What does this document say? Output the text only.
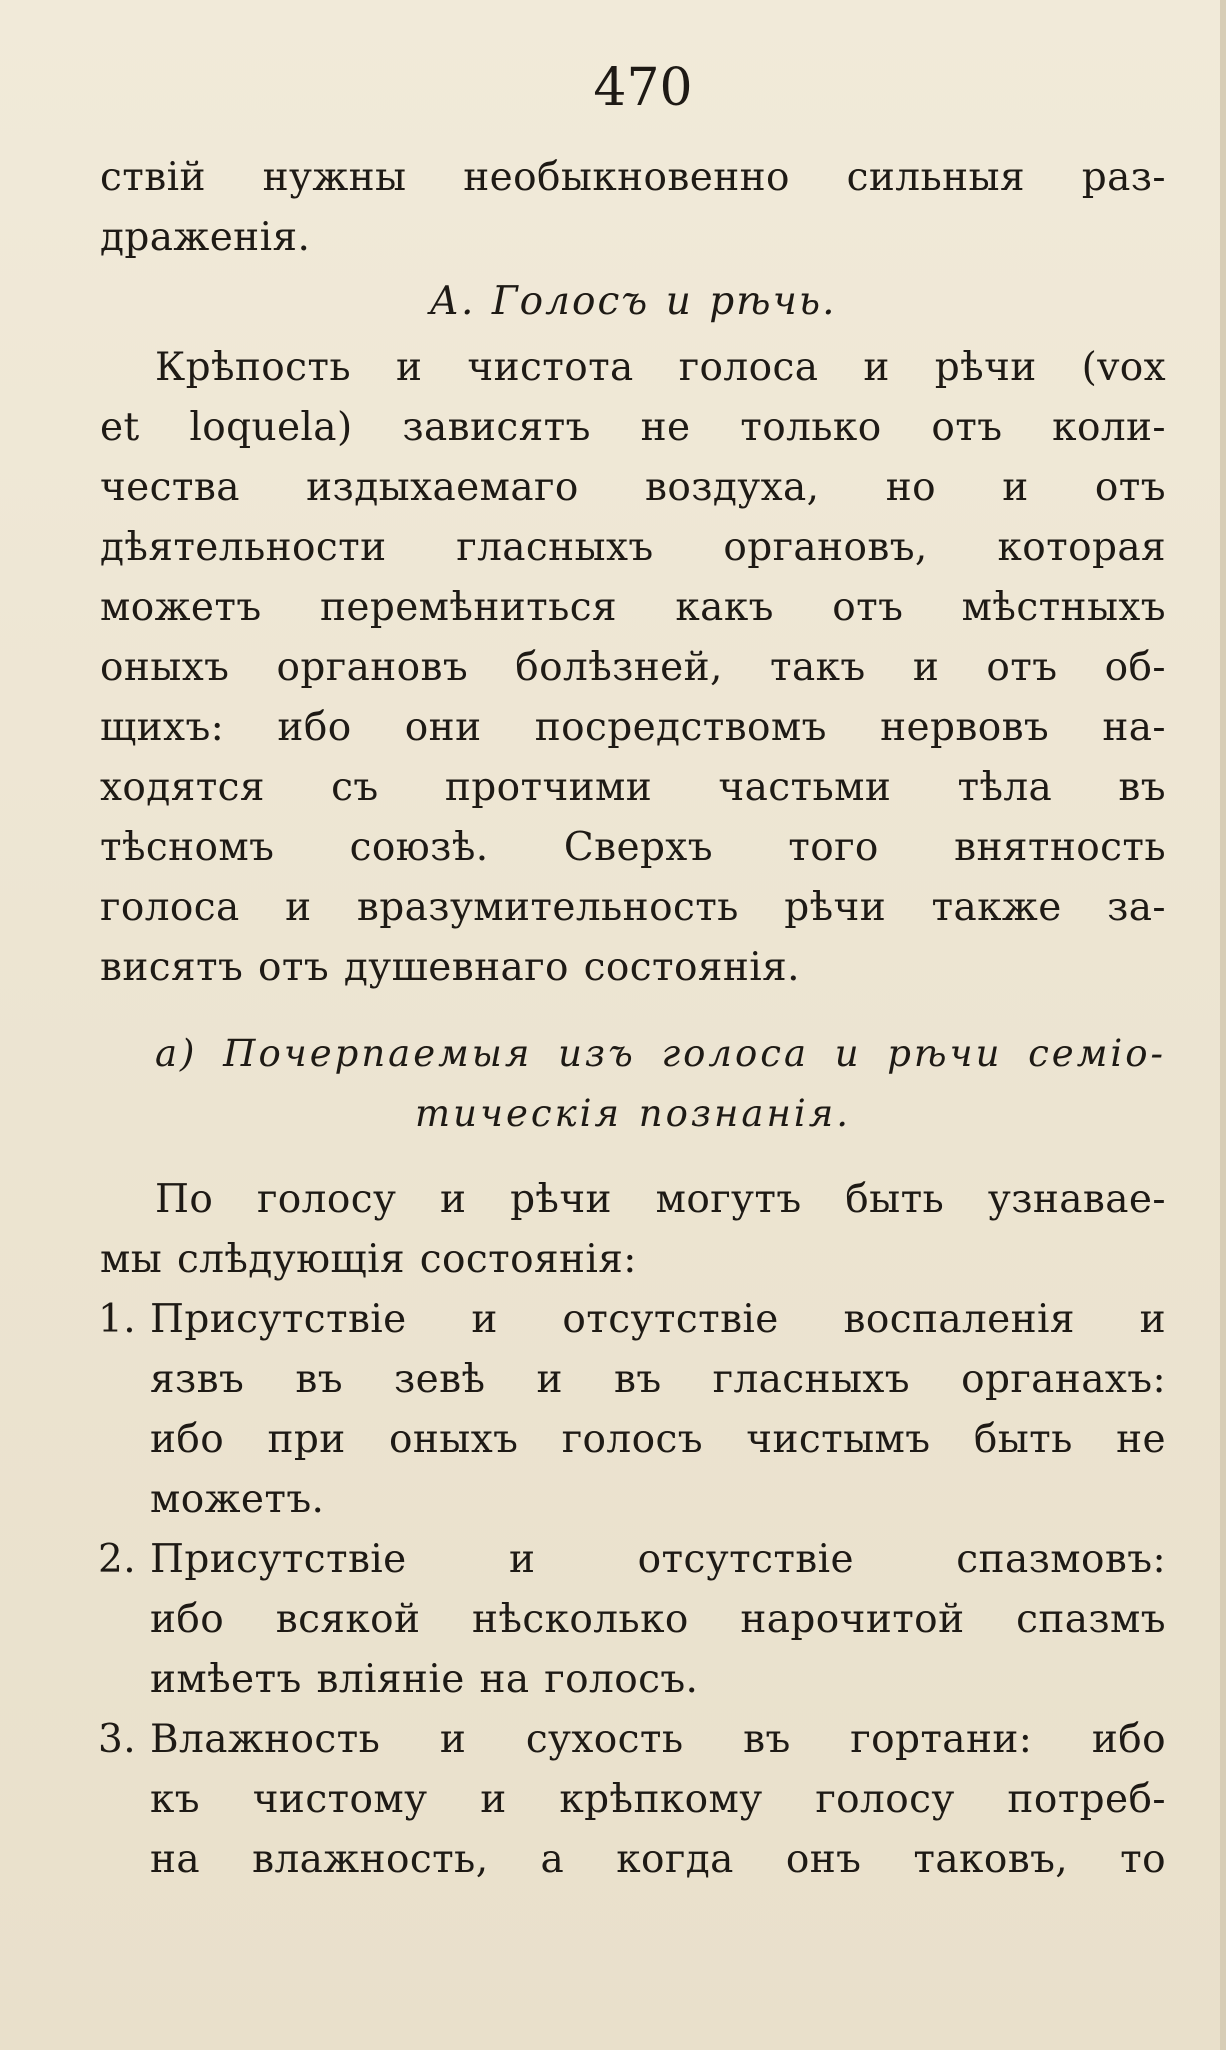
470
ствій нужны необыкновенно сильныя раз-
драженія.
А. Голосъ и рѣчь.
Крѣпость и чистота голоса и рѣчи (vox
et loquela) зависятъ не только отъ коли-
чества издыхаемаго воздуха, но и отъ
дѣятельности гласныхъ органовъ, которая
можетъ перемѣниться какъ отъ мѣстныхъ
оныхъ органовъ болѣзней, такъ и отъ об-
щихъ: ибо они посредствомъ нервовъ на-
ходятся съ протчими частьми тѣла въ
тѣсномъ союзѣ. Сверхъ того внятность
голоса и вразумительность рѣчи также за-
висятъ отъ душевнаго состоянія.
a) Почерпаемыя изъ голоса и рѣчи семіо-
тическія познанія.
По голосу и рѣчи могутъ быть узнавае-
мы слѣдующія состоянія:
1. Присутствіе и отсутствіе воспаленія и
язвъ въ зевѣ и въ гласныхъ органахъ:
ибо при оныхъ голосъ чистымъ быть не
можетъ.
2. Присутствіе и отсутствіе спазмовъ:
ибо всякой нѣсколько нарочитой спазмъ
имѣетъ вліяніе на голосъ.
3. Влажность и сухость въ гортани: ибо
къ чистому и крѣпкому голосу потреб-
на влажность, а когда онъ таковъ, то
